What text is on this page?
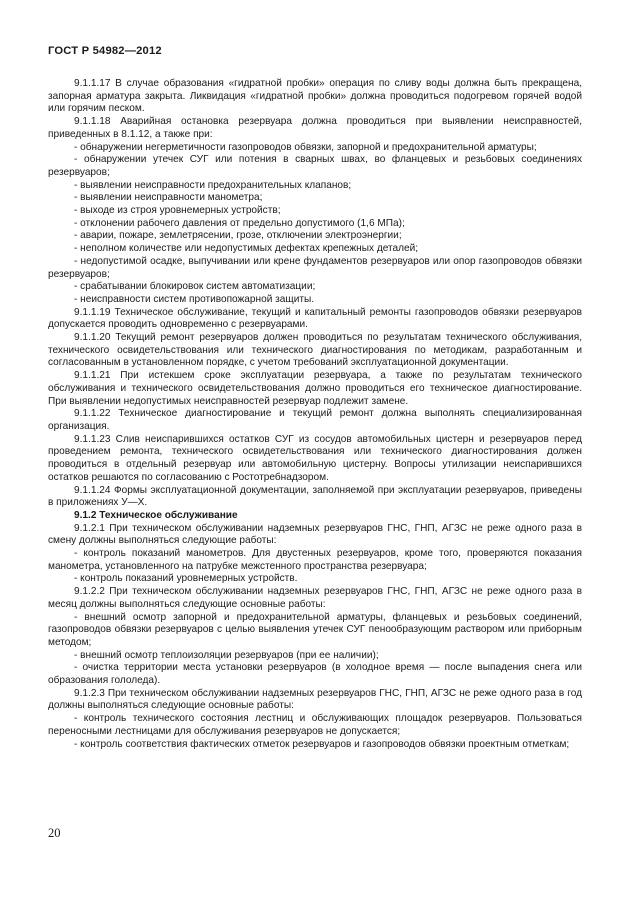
ГОСТ Р 54982—2012

9.1.1.17 В случае образования «гидратной пробки» операция по сливу воды должна быть прекращена, запорная арматура закрыта. Ликвидация «гидратной пробки» должна проводиться подогревом горячей водой или горячим песком.

9.1.1.18 Аварийная остановка резервуара должна проводиться при выявлении неисправностей, приведенных в 8.1.12, а также при:

- обнаружении негерметичности газопроводов обвязки, запорной и предохранительной арматуры;

- обнаружении утечек СУГ или потения в сварных швах, во фланцевых и резьбовых соединениях резервуаров;

- выявлении неисправности предохранительных клапанов;

- выявлении неисправности манометра;

- выходе из строя уровнемерных устройств;

- отклонении рабочего давления от предельно допустимого (1,6 МПа);

- аварии, пожаре, землетрясении, грозе, отключении электроэнергии;

- неполном количестве или недопустимых дефектах крепежных деталей;

- недопустимой осадке, выпучивании или крене фундаментов резервуаров или опор газопроводов обвязки резервуаров;

- срабатывании блокировок систем автоматизации;

- неисправности систем противопожарной защиты.

9.1.1.19 Техническое обслуживание, текущий и капитальный ремонты газопроводов обвязки резервуаров допускается проводить одновременно с резервуарами.

9.1.1.20 Текущий ремонт резервуаров должен проводиться по результатам технического обслуживания, технического освидетельствования или технического диагностирования по методикам, разработанным и согласованным в установленном порядке, с учетом требований эксплуатационной документации.

9.1.1.21 При истекшем сроке эксплуатации резервуара, а также по результатам технического обслуживания и технического освидетельствования должно проводиться его техническое диагностирование. При выявлении недопустимых неисправностей резервуар подлежит замене.

9.1.1.22 Техническое диагностирование и текущий ремонт должна выполнять специализированная организация.

9.1.1.23 Слив неиспарившихся остатков СУГ из сосудов автомобильных цистерн и резервуаров перед проведением ремонта, технического освидетельствования или технического диагностирования должен проводиться в отдельный резервуар или автомобильную цистерну. Вопросы утилизации неиспарившихся остатков решаются по согласованию с Ростотребнадзором.

9.1.1.24 Формы эксплуатационной документации, заполняемой при эксплуатации резервуаров, приведены в приложениях У—Х.

9.1.2 Техническое обслуживание

9.1.2.1 При техническом обслуживании надземных резервуаров ГНС, ГНП, АГЗС не реже одного раза в смену должны выполняться следующие работы:

- контроль показаний манометров. Для двустенных резервуаров, кроме того, проверяются показания манометра, установленного на патрубке межстенного пространства резервуара;

- контроль показаний уровнемерных устройств.

9.1.2.2 При техническом обслуживании надземных резервуаров ГНС, ГНП, АГЗС не реже одного раза в месяц должны выполняться следующие основные работы:

- внешний осмотр запорной и предохранительной арматуры, фланцевых и резьбовых соединений, газопроводов обвязки резервуаров с целью выявления утечек СУГ пенообразующим раствором или приборным методом;

- внешний осмотр теплоизоляции резервуаров (при ее наличии);

- очистка территории места установки резервуаров (в холодное время — после выпадения снега или образования гололеда).

9.1.2.3 При техническом обслуживании надземных резервуаров ГНС, ГНП, АГЗС не реже одного раза в год должны выполняться следующие основные работы:

- контроль технического состояния лестниц и обслуживающих площадок резервуаров. Пользоваться переносными лестницами для обслуживания резервуаров не допускается;

- контроль соответствия фактических отметок резервуаров и газопроводов обвязки проектным отметкам;

20
